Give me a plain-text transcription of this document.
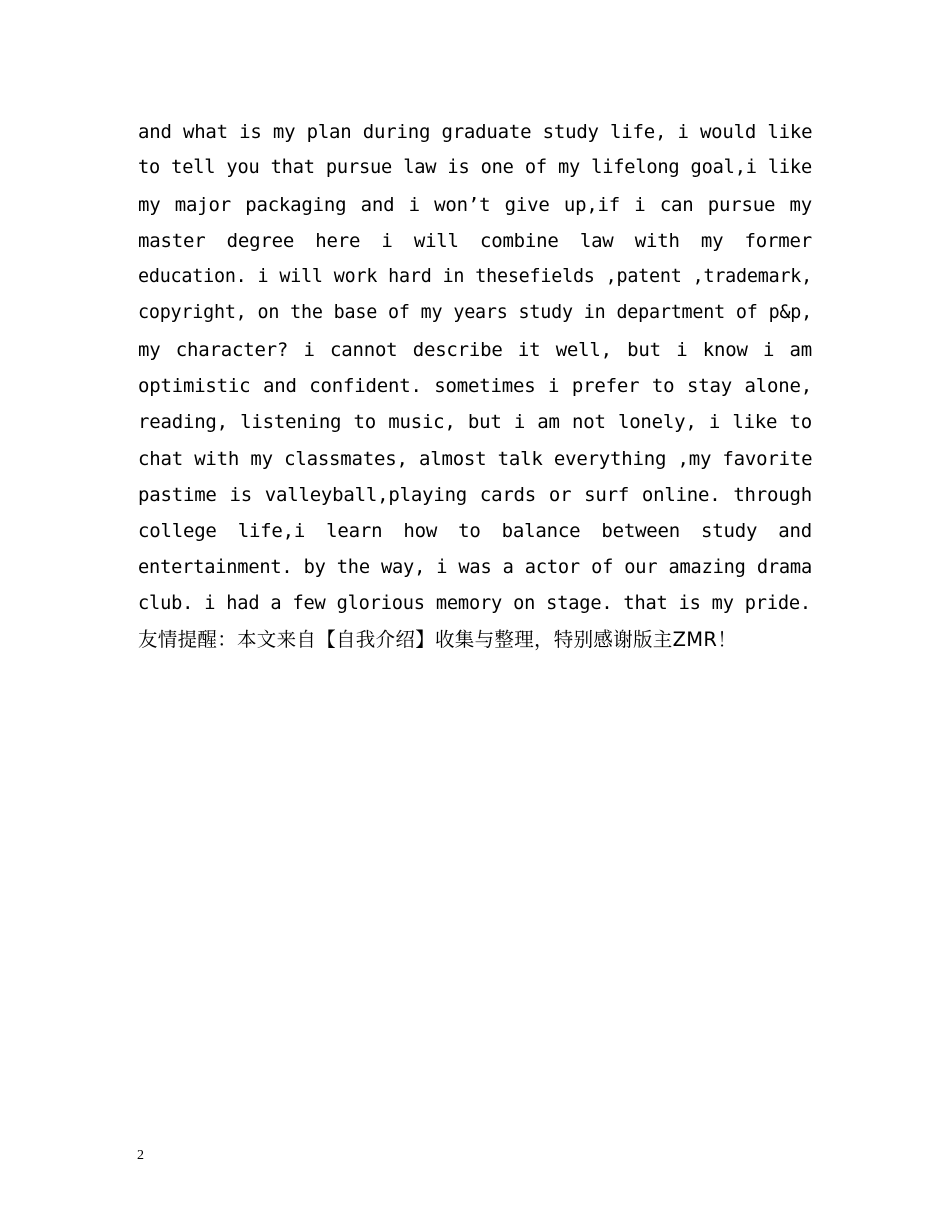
and what is my plan during graduate study life, i would like
to tell you that pursue law is one of my lifelong goal,i like
my major packaging and i won’t give up,if i can pursue my
master degree here i will combine law with my former
education. i will work hard in thesefields ,patent ,trademark,
copyright, on the base of my years study in department of p&p,
my character? i cannot describe it well, but i know i am
optimistic and confident. sometimes i prefer to stay alone,
reading, listening to music, but i am not lonely, i like to
chat with my classmates, almost talk everything ,my favorite
pastime is valleyball,playing cards or surf online. through
college life,i learn how to balance between study and
entertainment. by the way, i was a actor of our amazing drama
club. i had a few glorious memory on stage. that is my pride.
友情提醒：本文来自【自我介绍】收集与整理，特别感谢版主ZMR！

2
